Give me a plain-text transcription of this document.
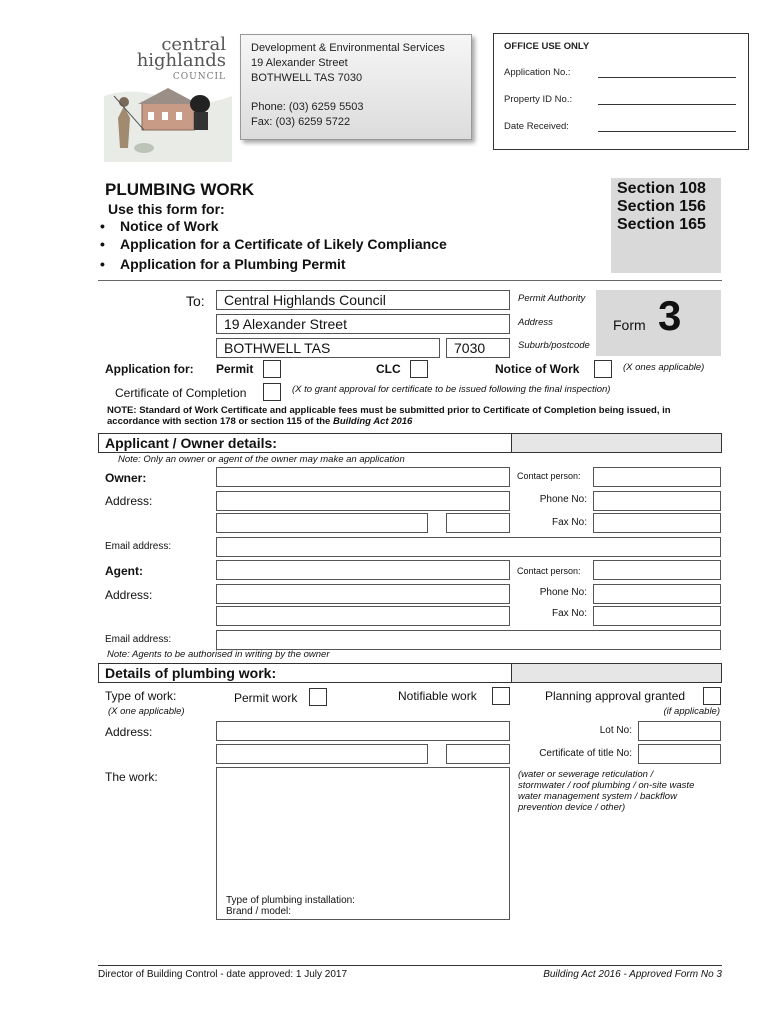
central
highlands
COUNCIL
Development & Environmental Services
19 Alexander Street
BOTHWELL TAS 7030
Phone: (03) 6259 5503
Fax: (03) 6259 5722
OFFICE USE ONLY
Application No.:
Property ID No.:
Date Received:
PLUMBING WORK
Use this form for:
• Notice of Work
• Application for a Certificate of Likely Compliance
• Application for a Plumbing Permit
Section 108
Section 156
Section 165
To: Central Highlands Council	Permit Authority
19 Alexander Street	Address
BOTHWELL TAS	7030	Suburb/postcode
Form 3
Application for: Permit	CLC	Notice of Work	(X ones applicable)
Certificate of Completion	(X to grant approval for certificate to be issued following the final inspection)
NOTE: Standard of Work Certificate and applicable fees must be submitted prior to Certificate of Completion being issued, in
accordance with section 178 or section 115 of the Building Act 2016
Applicant / Owner details:
Note: Only an owner or agent of the owner may make an application
Owner:	Contact person:
Address:	Phone No:
Fax No:
Email address:
Agent:	Contact person:
Address:	Phone No:
Fax No:
Email address:
Note: Agents to be authorised in writing by the owner
Details of plumbing work:
Type of work:
(X one applicable)
Permit work	Notifiable work	Planning approval granted
(if applicable)
Address:	Lot No:
Certificate of title No:
The work:
Type of plumbing installation:
Brand / model:
(water or sewerage reticulation /
stormwater / roof plumbing / on-site waste
water management system / backflow
prevention device / other)
Director of Building Control - date approved: 1 July 2017	Building Act 2016 - Approved Form No 3
